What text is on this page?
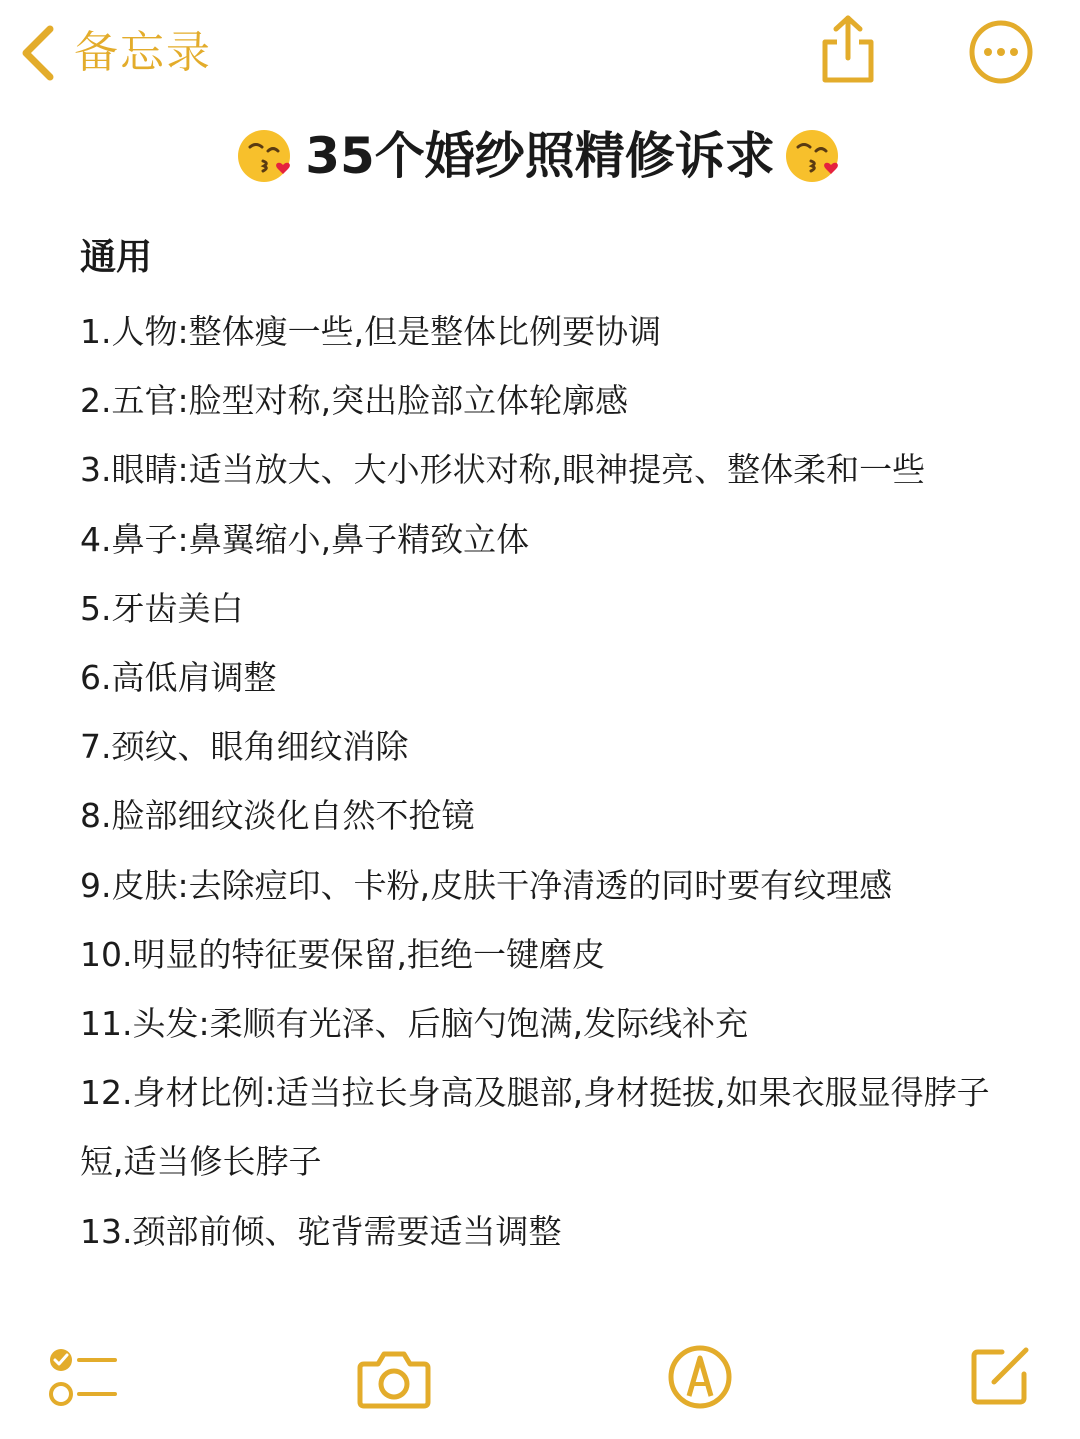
备忘录
35个婚纱照精修诉求
通用
1.人物:整体瘦一些,但是整体比例要协调
2.五官:脸型对称,突出脸部立体轮廓感
3.眼睛:适当放大、大小形状对称,眼神提亮、整体柔和一些
4.鼻子:鼻翼缩小,鼻子精致立体
5.牙齿美白
6.高低肩调整
7.颈纹、眼角细纹消除
8.脸部细纹淡化自然不抢镜
9.皮肤:去除痘印、卡粉,皮肤干净清透的同时要有纹理感
10.明显的特征要保留,拒绝一键磨皮
11.头发:柔顺有光泽、后脑勺饱满,发际线补充
12.身材比例:适当拉长身高及腿部,身材挺拔,如果衣服显得脖子短,适当修长脖子
13.颈部前倾、驼背需要适当调整
